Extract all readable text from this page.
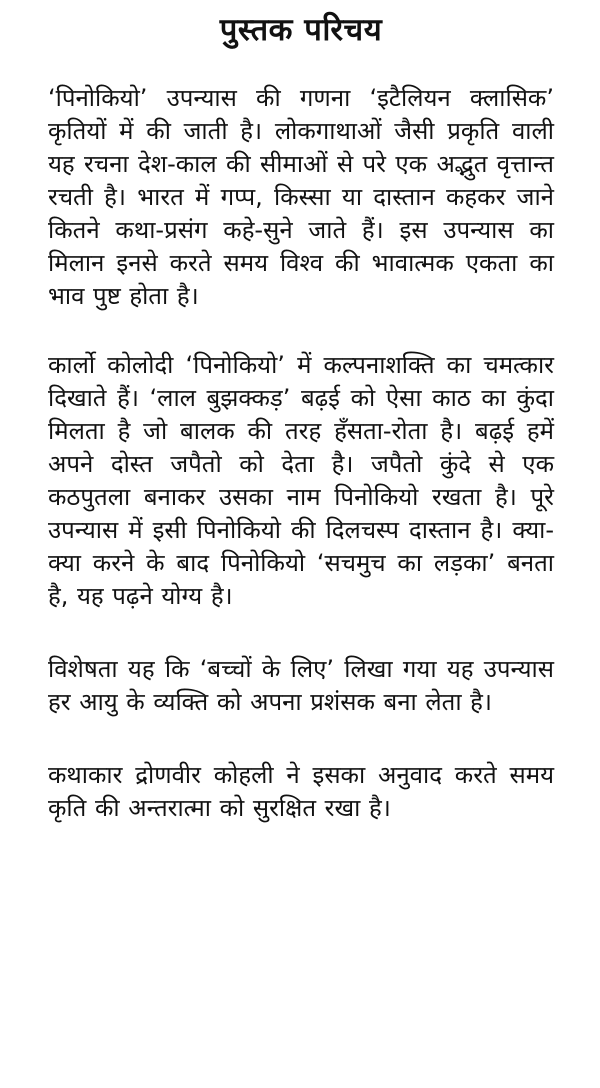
पुस्तक परिचय

‘पिनोकियो’ उपन्यास की गणना ‘इटैलियन क्लासिक’ कृतियों में की जाती है। लोकगाथाओं जैसी प्रकृति वाली यह रचना देश-काल की सीमाओं से परे एक अद्भुत वृत्तान्त रचती है। भारत में गप्प, किस्सा या दास्तान कहकर जाने कितने कथा-प्रसंग कहे-सुने जाते हैं। इस उपन्यास का मिलान इनसे करते समय विश्व की भावात्मक एकता का भाव पुष्ट होता है।

कार्लो कोलोदी ‘पिनोकियो’ में कल्पनाशक्ति का चमत्कार दिखाते हैं। ‘लाल बुझक्कड़’ बढ़ई को ऐसा काठ का कुंदा मिलता है जो बालक की तरह हँसता-रोता है। बढ़ई हमें अपने दोस्त जपैतो को देता है। जपैतो कुंदे से एक कठपुतला बनाकर उसका नाम पिनोकियो रखता है। पूरे उपन्यास में इसी पिनोकियो की दिलचस्प दास्तान है। क्या-क्या करने के बाद पिनोकियो ‘सचमुच का लड़का’ बनता है, यह पढ़ने योग्य है।

विशेषता यह कि ‘बच्चों के लिए’ लिखा गया यह उपन्यास हर आयु के व्यक्ति को अपना प्रशंसक बना लेता है।

कथाकार द्रोणवीर कोहली ने इसका अनुवाद करते समय कृति की अन्तरात्मा को सुरक्षित रखा है।
